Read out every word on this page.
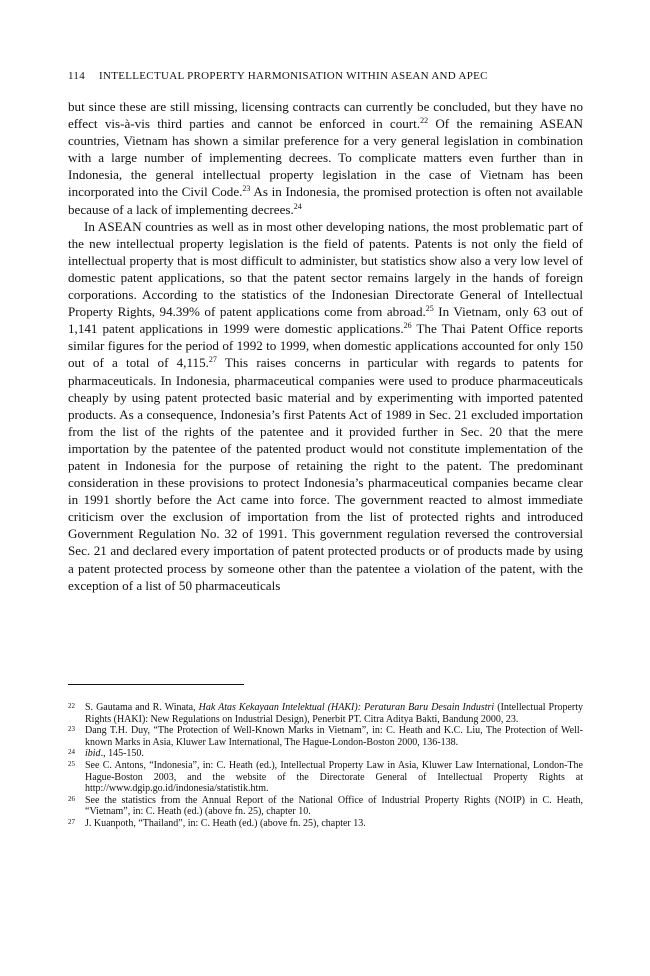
114 INTELLECTUAL PROPERTY HARMONISATION WITHIN ASEAN AND APEC

but since these are still missing, licensing contracts can currently be concluded, but they have no effect vis-à-vis third parties and cannot be enforced in court.$^{22}$ Of the remaining ASEAN countries, Vietnam has shown a similar preference for a very general legislation in combination with a large number of implementing decrees. To complicate matters even further than in Indonesia, the general intellectual property legislation in the case of Vietnam has been incorporated into the Civil Code.$^{23}$ As in Indonesia, the promised protection is often not available because of a lack of implementing decrees.$^{24}$

In ASEAN countries as well as in most other developing nations, the most problematic part of the new intellectual property legislation is the field of patents. Patents is not only the field of intellectual property that is most difficult to administer, but statistics show also a very low level of domestic patent applications, so that the patent sector remains largely in the hands of foreign corporations. According to the statistics of the Indonesian Directorate General of Intellectual Property Rights, 94.39% of patent applications come from abroad.$^{25}$ In Vietnam, only 63 out of 1,141 patent applications in 1999 were domestic applications.$^{26}$ The Thai Patent Office reports similar figures for the period of 1992 to 1999, when domestic applications accounted for only 150 out of a total of 4,115.27 This raises concerns in particular with regards to patents for pharmaceuticals. In Indonesia, pharmaceutical companies were used to produce pharmaceuticals cheaply by using patent protected basic material and by experimenting with imported patented products. As a consequence, Indonesia’s first Patents Act of 1989 in Sec. 21 excluded importation from the list of the rights of the patentee and it provided further in Sec. 20 that the mere importation by the patentee of the patented product would not constitute implementation of the patent in Indonesia for the purpose of retaining the right to the patent. The predominant consideration in these provisions to protect Indonesia’s pharmaceutical companies became clear in 1991 shortly before the Act came into force. The government reacted to almost immediate criticism over the exclusion of importation from the list of protected rights and introduced Government Regulation No. 32 of 1991. This government regulation reversed the controversial Sec. 21 and declared every importation of patent protected products or of products made by using a patent protected process by someone other than the patentee a violation of the patent, with the exception of a list of 50 pharmaceuticals

22	S. Gautama and R. Winata, Hak Atas Kekayaan Intelektual (HAKI): Peraturan Baru Desain Industri (Intellectual Property Rights (HAKI): New Regulations on Industrial Design), Penerbit PT. Citra Aditya Bakti, Bandung 2000, 23.
23	Dang T.H. Duy, “The Protection of Well-Known Marks in Vietnam”, in: C. Heath and K.C. Liu, The Protection of Well-known Marks in Asia, Kluwer Law International, The Hague-London-Boston 2000, 136-138.
24	ibid., 145-150.
25	See C. Antons, “Indonesia”, in: C. Heath (ed.), Intellectual Property Law in Asia, Kluwer Law International, London-The Hague-Boston 2003, and the website of the Directorate General of Intellectual Property Rights at http://www.dgip.go.id/indonesia/statistik.htm.
26	See the statistics from the Annual Report of the National Office of Industrial Property Rights (NOIP) in C. Heath, “Vietnam”, in: C. Heath (ed.) (above fn. 25), chapter 10.
27	J. Kuanpoth, “Thailand”, in: C. Heath (ed.) (above fn. 25), chapter 13.
